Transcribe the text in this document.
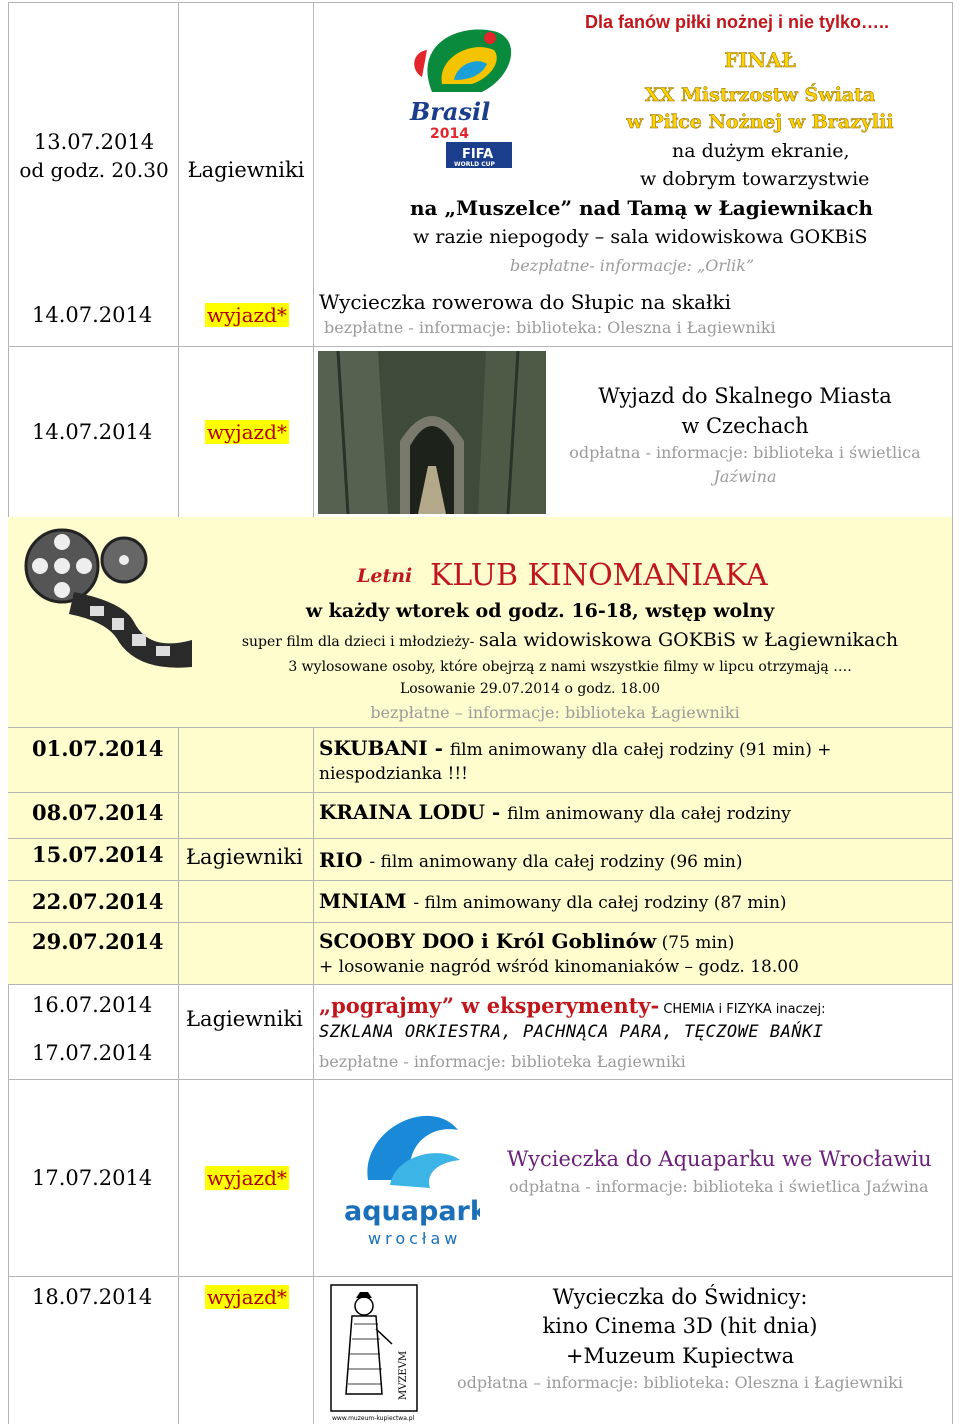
13.07.2014
od godz. 20.30 Łagiewniki
Brasil
2014
FIFA
WORLD CUP
Dla fanów piłki nożnej i nie tylko…..
FINAŁ
XX Mistrzostw Świata
w Piłce Nożnej w Brazylii
na dużym ekranie,
w dobrym towarzystwie
na „Muszelce” nad Tamą w Łagiewnikach
w razie niepogody – sala widowiskowa GOKBiS
bezpłatne- informacje: „Orlik”
14.07.2014	wyjazd*
Wycieczka rowerowa do Słupic na skałki
bezpłatne - informacje: biblioteka: Oleszna i Łagiewniki
14.07.2014	wyjazd*
Wyjazd do Skalnego Miasta
w Czechach
odpłatna - informacje: biblioteka i świetlica
Jaźwina
Letni KLUB KINOMANIAKA
w każdy wtorek od godz. 16-18, wstęp wolny
super film dla dzieci i młodzieży- sala widowiskowa GOKBiS w Łagiewnikach
3 wylosowane osoby, które obejrzą z nami wszystkie filmy w lipcu otrzymają ….
Losowanie 29.07.2014 o godz. 18.00
bezpłatne – informacje: biblioteka Łagiewniki
01.07.2014	SKUBANI - film animowany dla całej rodziny (91 min) +
niespodzianka !!!
08.07.2014	KRAINA LODU - film animowany dla całej rodziny
15.07.2014 Łagiewniki RIO - film animowany dla całej rodziny (96 min)
22.07.2014	MNIAM - film animowany dla całej rodziny (87 min)
29.07.2014	SCOOBY DOO i Król Goblinów (75 min)
+ losowanie nagród wśród kinomaniaków – godz. 18.00
16.07.2014
17.07.2014
Łagiewniki
„pograjmy” w eksperymenty- CHEMIA i FIZYKA inaczej:
SZKLANA ORKIESTRA, PACHNĄCA PARA, TĘCZOWE BAŃKI
bezpłatne - informacje: biblioteka Łagiewniki
17.07.2014	wyjazd*
aquapark
wrocław
Wycieczka do Aquaparku we Wrocławiu
odpłatna - informacje: biblioteka i świetlica Jaźwina
18.07.2014	wyjazd*
MVZEVM
www.muzeum-kupiectwa.pl
Wycieczka do Świdnicy:
kino Cinema 3D (hit dnia)
+Muzeum Kupiectwa
odpłatna – informacje: biblioteka: Oleszna i Łagiewniki
